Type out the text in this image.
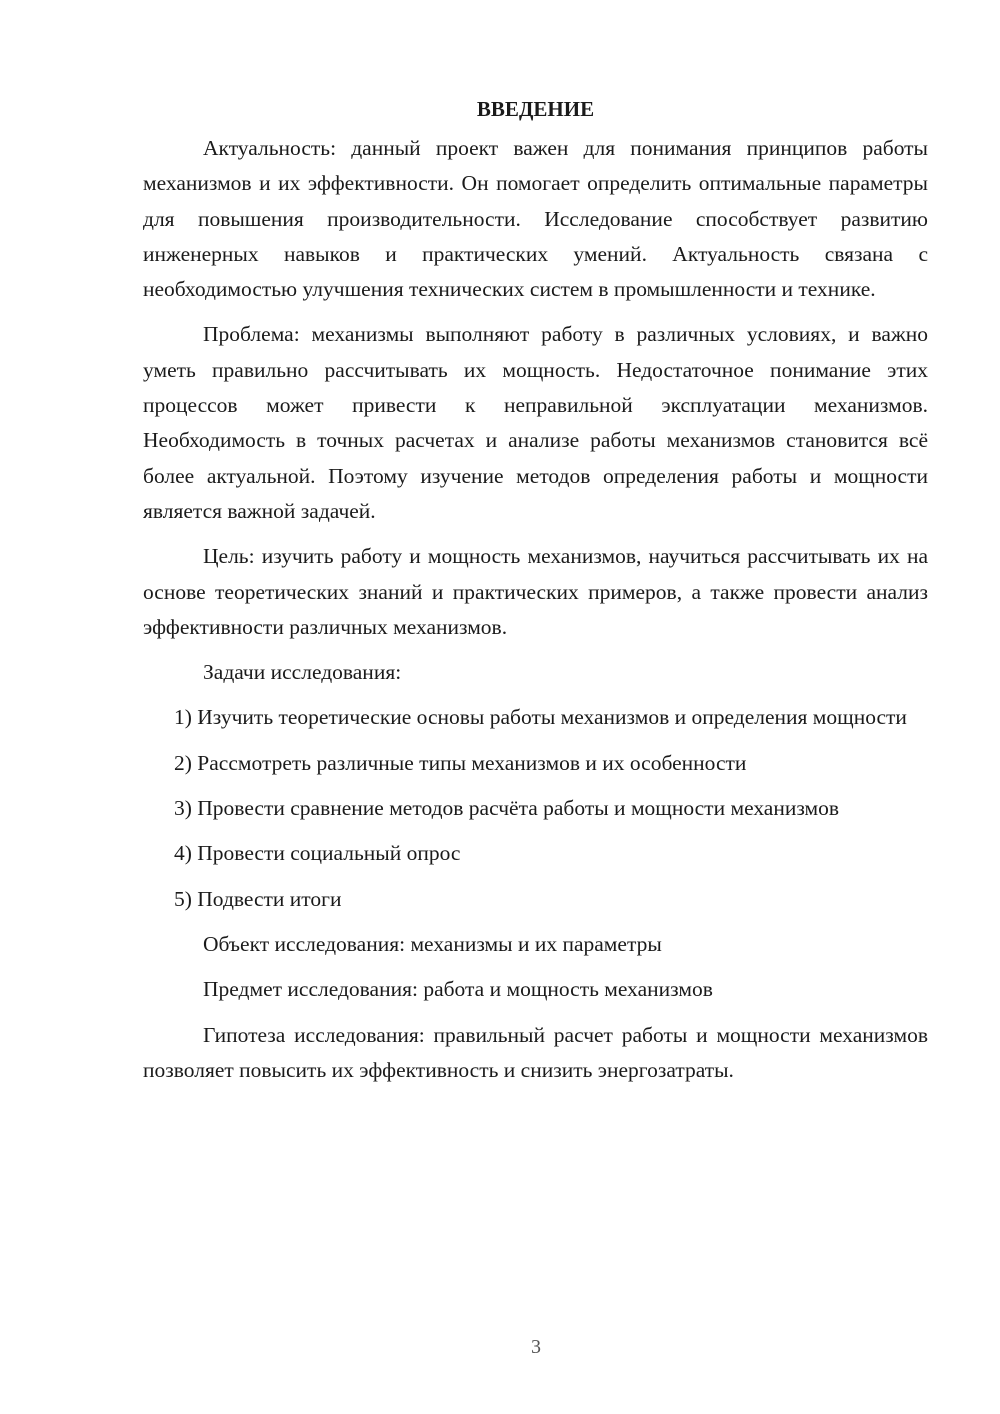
ВВЕДЕНИЕ

Актуальность: данный проект важен для понимания принципов работы механизмов и их эффективности. Он помогает определить оптимальные параметры для повышения производительности. Исследование способствует развитию инженерных навыков и практических умений. Актуальность связана с необходимостью улучшения технических систем в промышленности и технике.

Проблема: механизмы выполняют работу в различных условиях, и важно уметь правильно рассчитывать их мощность. Недостаточное понимание этих процессов может привести к неправильной эксплуатации механизмов. Необходимость в точных расчетах и анализе работы механизмов становится всё более актуальной. Поэтому изучение методов определения работы и мощности является важной задачей.

Цель: изучить работу и мощность механизмов, научиться рассчитывать их на основе теоретических знаний и практических примеров, а также провести анализ эффективности различных механизмов.

Задачи исследования:

1) Изучить теоретические основы работы механизмов и определения мощности

2) Рассмотреть различные типы механизмов и их особенности

3) Провести сравнение методов расчёта работы и мощности механизмов

4) Провести социальный опрос

5) Подвести итоги

Объект исследования: механизмы и их параметры

Предмет исследования: работа и мощность механизмов

Гипотеза исследования: правильный расчет работы и мощности механизмов позволяет повысить их эффективность и снизить энергозатраты.

3
